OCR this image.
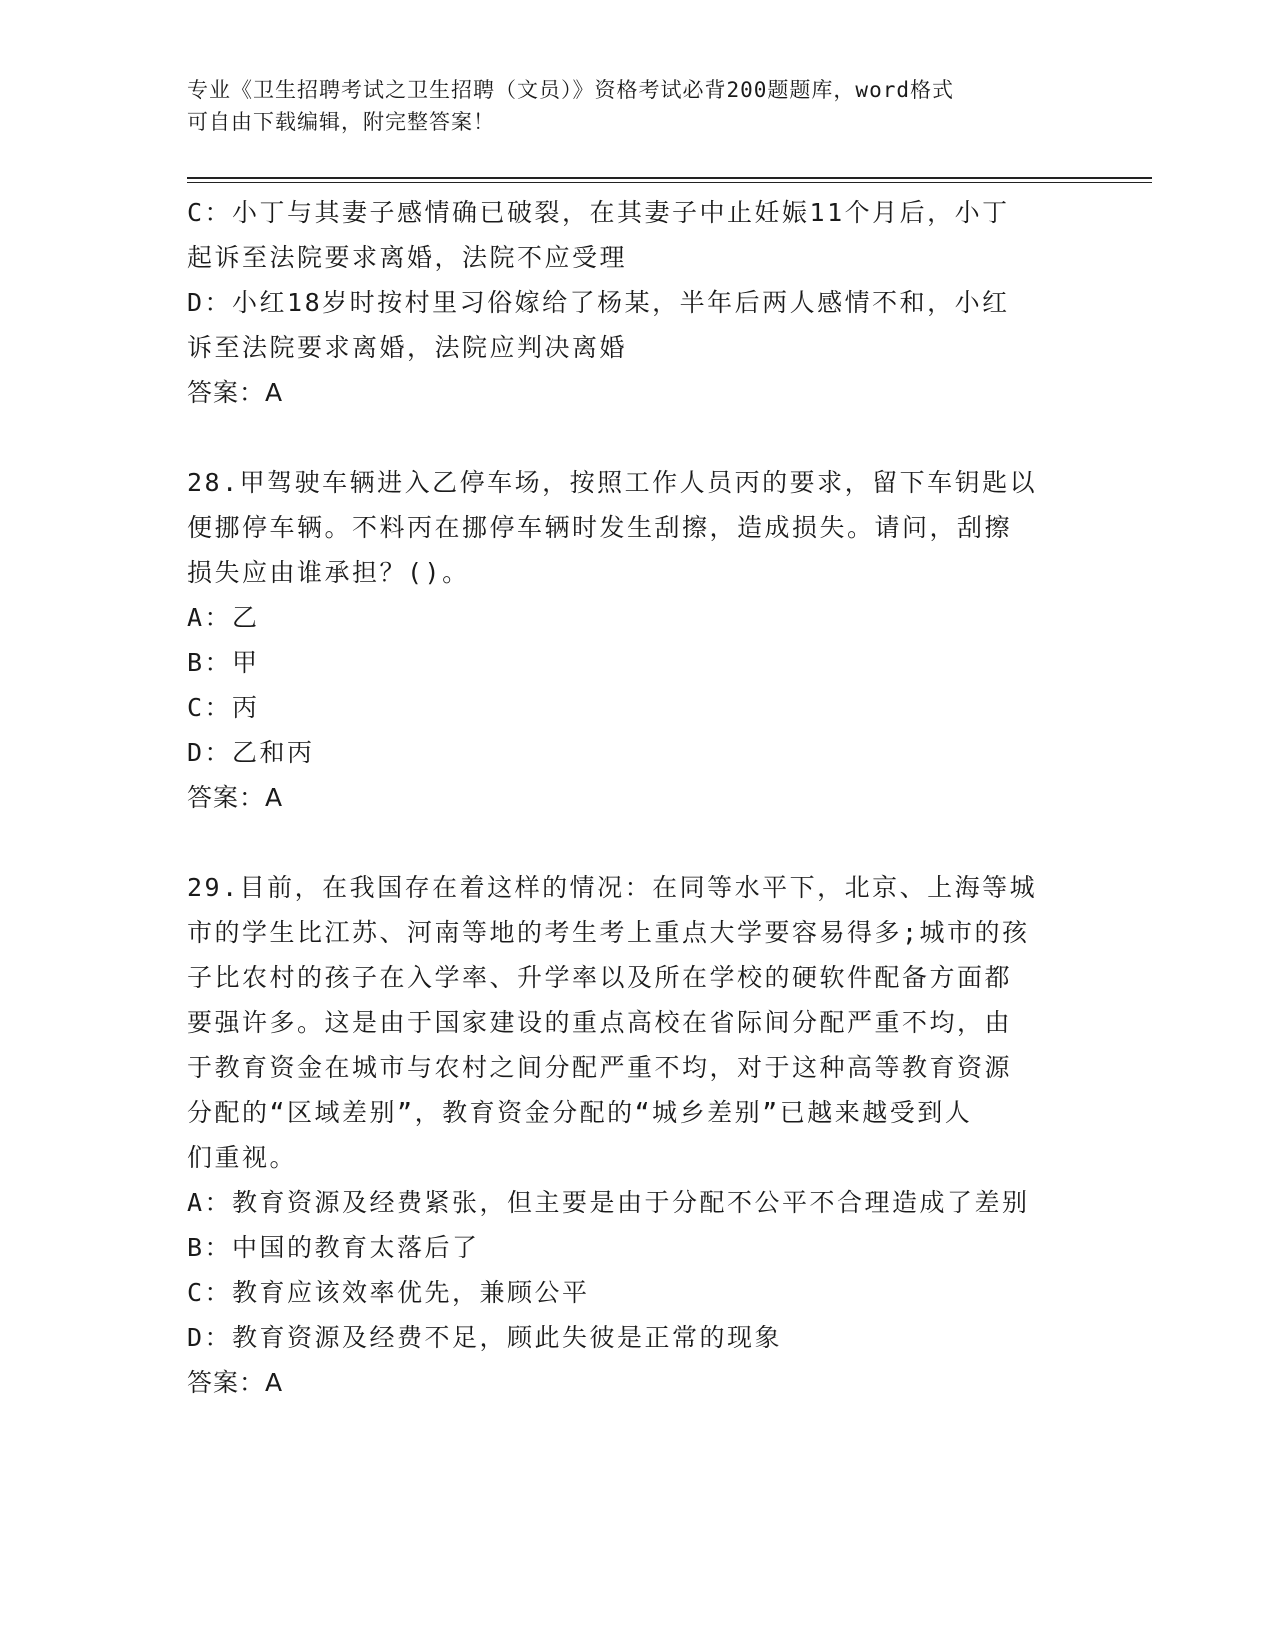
专业《卫生招聘考试之卫生招聘（文员）》资格考试必背200题题库，word格式
可自由下载编辑，附完整答案！
C：小丁与其妻子感情确已破裂，在其妻子中止妊娠11个月后，小丁
起诉至法院要求离婚，法院不应受理
D：小红18岁时按村里习俗嫁给了杨某，半年后两人感情不和，小红
诉至法院要求离婚，法院应判决离婚
答案：A
28.甲驾驶车辆进入乙停车场，按照工作人员丙的要求，留下车钥匙以
便挪停车辆。不料丙在挪停车辆时发生刮擦，造成损失。请问，刮擦
损失应由谁承担？()。
A：乙
B：甲
C：丙
D：乙和丙
答案：A
29.目前，在我国存在着这样的情况：在同等水平下，北京、上海等城
市的学生比江苏、河南等地的考生考上重点大学要容易得多;城市的孩
子比农村的孩子在入学率、升学率以及所在学校的硬软件配备方面都
要强许多。这是由于国家建设的重点高校在省际间分配严重不均，由
于教育资金在城市与农村之间分配严重不均，对于这种高等教育资源
分配的“区域差别”，教育资金分配的“城乡差别”已越来越受到人
们重视。
A：教育资源及经费紧张，但主要是由于分配不公平不合理造成了差别
B：中国的教育太落后了
C：教育应该效率优先，兼顾公平
D：教育资源及经费不足，顾此失彼是正常的现象
答案：A
